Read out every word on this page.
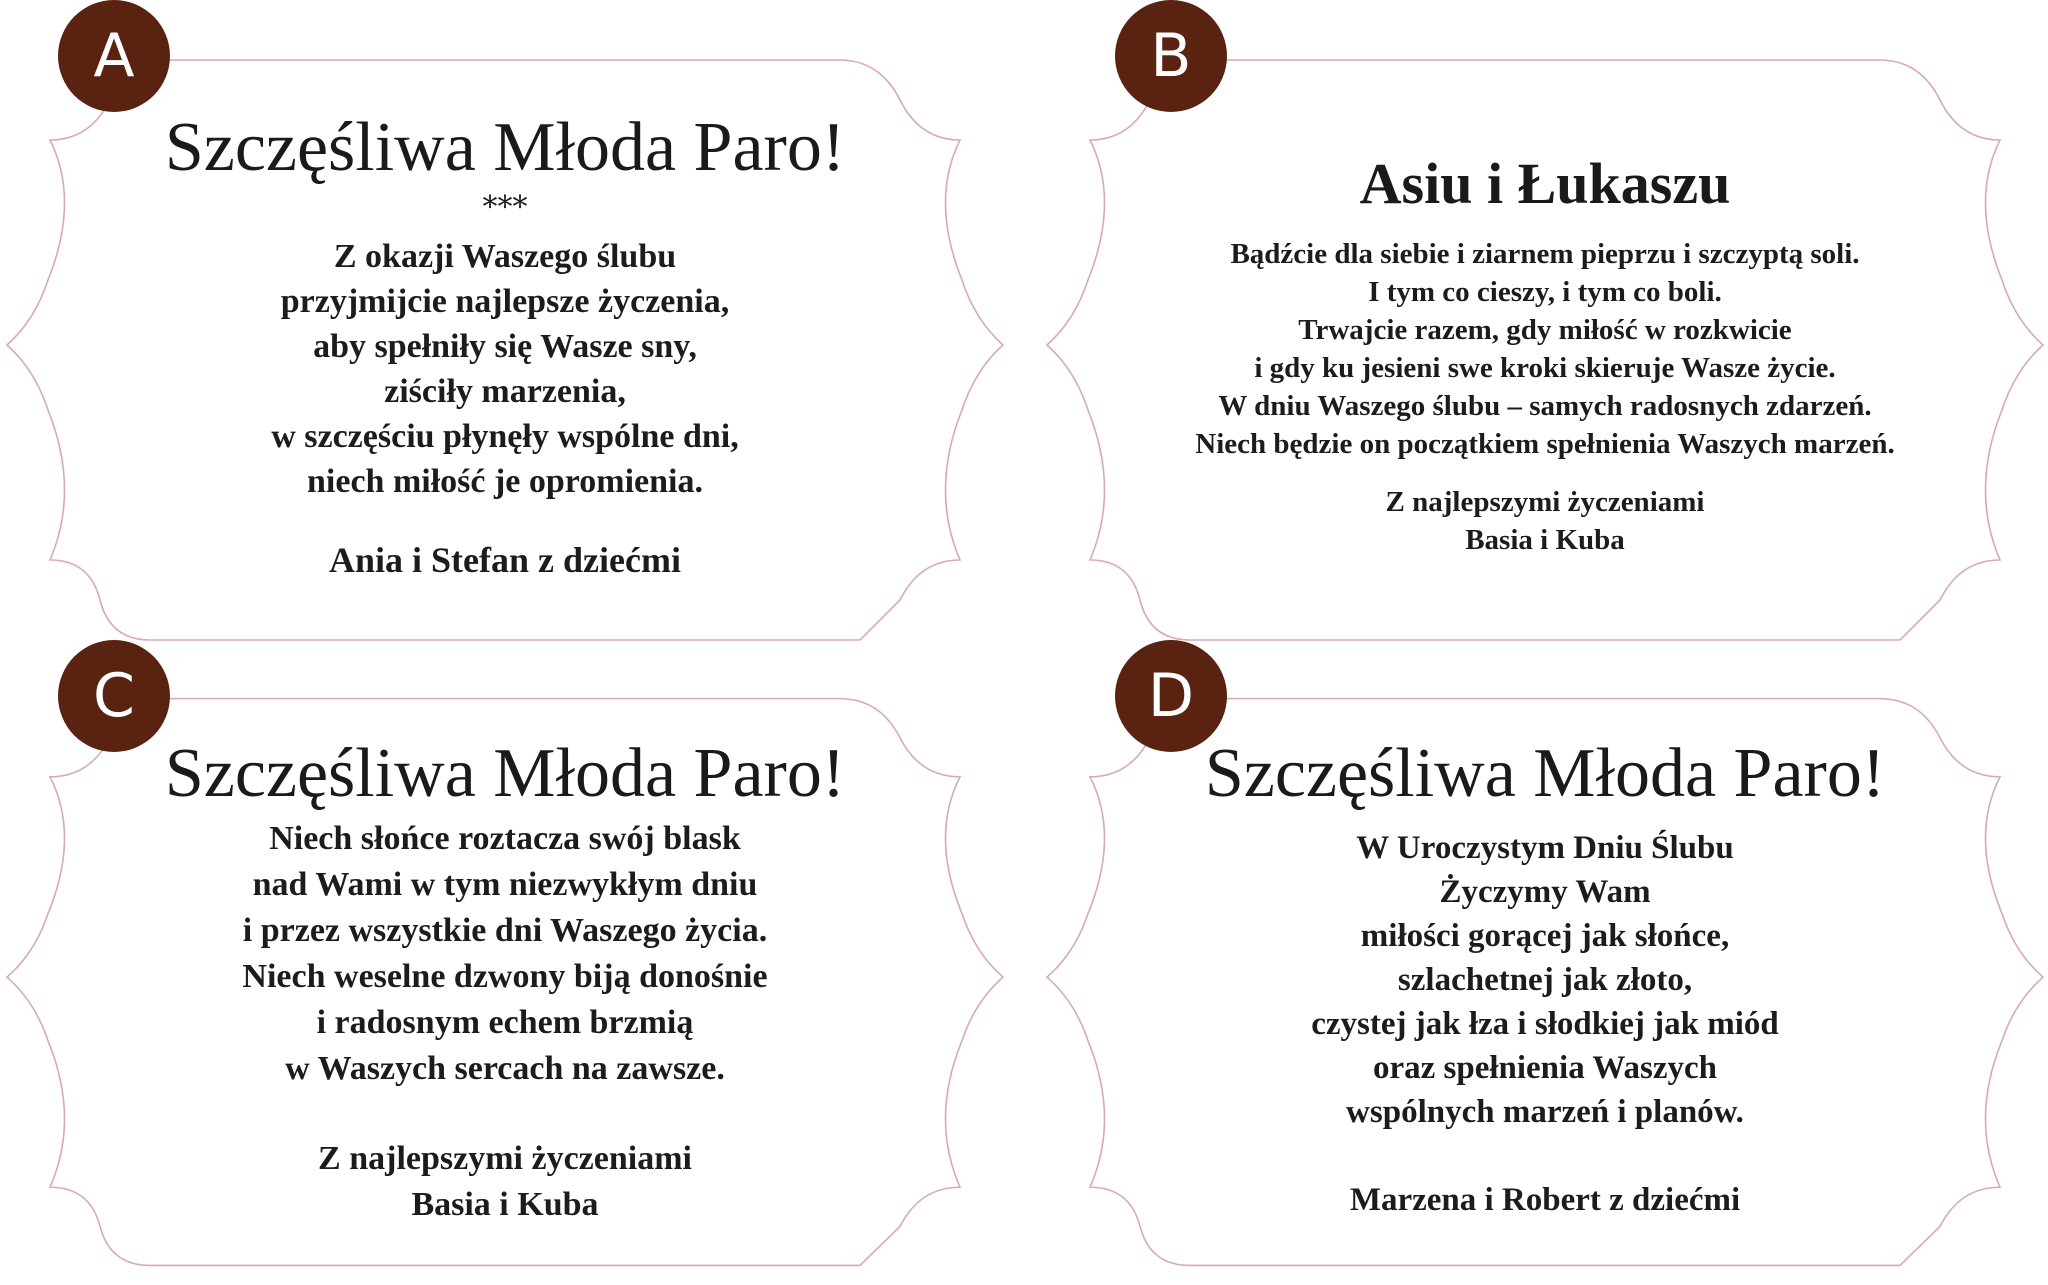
A
Szczęśliwa Młoda Paro!
***
Z okazji Waszego ślubu
przyjmijcie najlepsze życzenia,
aby spełniły się Wasze sny,
ziściły marzenia,
w szczęściu płynęły wspólne dni,
niech miłość je opromienia.
Ania i Stefan z dziećmi
B
Asiu i Łukaszu
Bądźcie dla siebie i ziarnem pieprzu i szczyptą soli.
I tym co cieszy, i tym co boli.
Trwajcie razem, gdy miłość w rozkwicie
i gdy ku jesieni swe kroki skieruje Wasze życie.
W dniu Waszego ślubu – samych radosnych zdarzeń.
Niech będzie on początkiem spełnienia Waszych marzeń.
Z najlepszymi życzeniami
Basia i Kuba
C
Szczęśliwa Młoda Paro!
Niech słońce roztacza swój blask
nad Wami w tym niezwykłym dniu
i przez wszystkie dni Waszego życia.
Niech weselne dzwony biją donośnie
i radosnym echem brzmią
w Waszych sercach na zawsze.
Z najlepszymi życzeniami
Basia i Kuba
D
Szczęśliwa Młoda Paro!
W Uroczystym Dniu Ślubu
Życzymy Wam
miłości gorącej jak słońce,
szlachetnej jak złoto,
czystej jak łza i słodkiej jak miód
oraz spełnienia Waszych
wspólnych marzeń i planów.
Marzena i Robert z dziećmi
